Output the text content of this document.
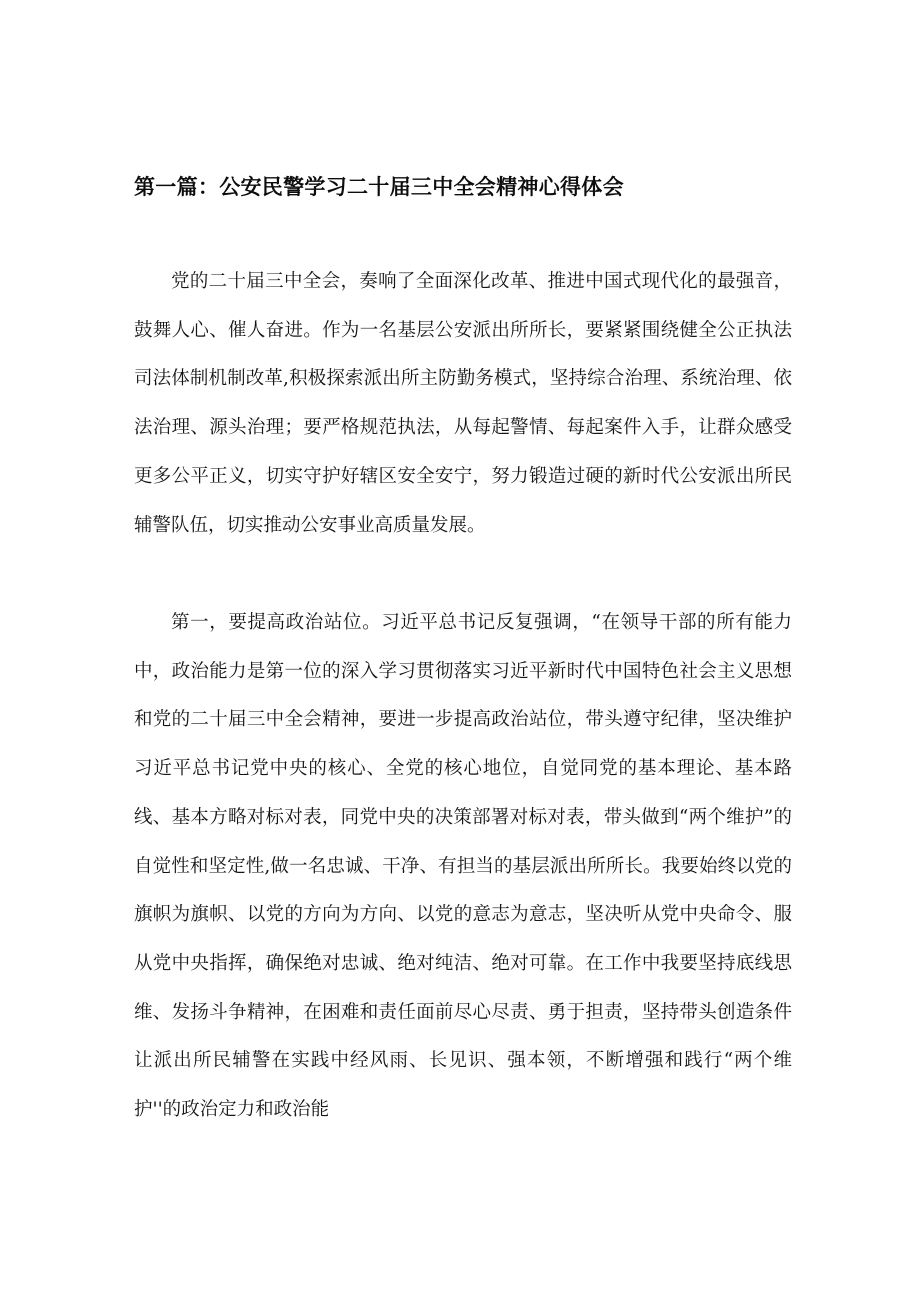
第一篇：公安民警学习二十届三中全会精神心得体会

党的二十届三中全会，奏响了全面深化改革、推进中国式现代化的最强音，鼓舞人心、催人奋进。作为一名基层公安派出所所长，要紧紧围绕健全公正执法司法体制机制改革,积极探索派出所主防勤务模式，坚持综合治理、系统治理、依法治理、源头治理；要严格规范执法，从每起警情、每起案件入手，让群众感受更多公平正义，切实守护好辖区安全安宁，努力锻造过硬的新时代公安派出所民辅警队伍，切实推动公安事业高质量发展。

第一，要提高政治站位。习近平总书记反复强调，“在领导干部的所有能力中，政治能力是第一位的深入学习贯彻落实习近平新时代中国特色社会主义思想和党的二十届三中全会精神，要进一步提高政治站位，带头遵守纪律，坚决维护习近平总书记党中央的核心、全党的核心地位，自觉同党的基本理论、基本路线、基本方略对标对表，同党中央的决策部署对标对表，带头做到“两个维护”的自觉性和坚定性,做一名忠诚、干净、有担当的基层派出所所长。我要始终以党的旗帜为旗帜、以党的方向为方向、以党的意志为意志，坚决听从党中央命令、服从党中央指挥，确保绝对忠诚、绝对纯洁、绝对可靠。在工作中我要坚持底线思维、发扬斗争精神，在困难和责任面前尽心尽责、勇于担责，坚持带头创造条件让派出所民辅警在实践中经风雨、长见识、强本领，不断增强和践行“两个维护''的政治定力和政治能
